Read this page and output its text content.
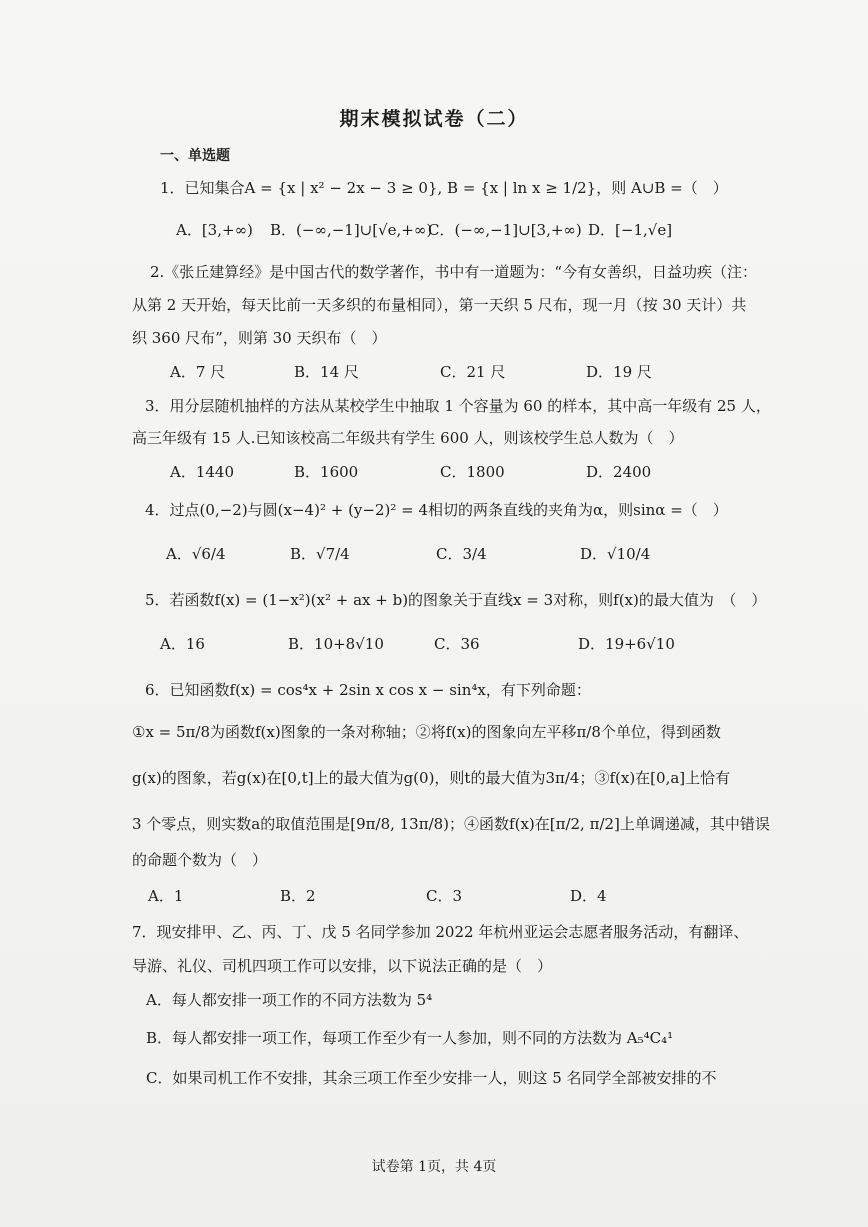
期末模拟试卷（二）
一、单选题
1．已知集合A = {x | x² − 2x − 3 ≥ 0}, B = {x | ln x ≥ 1/2}，则 A∪B =（　）
A．[3,+∞) B．(−∞,−1]∪[√e,+∞)
C．(−∞,−1]∪[3,+∞) D．[−1,√e]
2.《张丘建算经》是中国古代的数学著作，书中有一道题为：“今有女善织，日益功疾（注：
从第 2 天开始，每天比前一天多织的布量相同），第一天织 5 尺布，现一月（按 30 天计）共
织 360 尺布”，则第 30 天织布（　）
A．7 尺	B．14 尺	C．21 尺	D．19 尺
3．用分层随机抽样的方法从某校学生中抽取 1 个容量为 60 的样本，其中高一年级有 25 人，
高三年级有 15 人.已知该校高二年级共有学生 600 人，则该校学生总人数为（　）
A．1440	B．1600	C．1800	D．2400
4．过点(0,−2)与圆(x−4)² + (y−2)² = 4相切的两条直线的夹角为α，则sinα =（　）
A．√6/4	B．√7/4	C．3/4	D．√10/4
5．若函数f(x) = (1−x²)(x² + ax + b)的图象关于直线x = 3对称，则f(x)的最大值为　（　）
A．16	B．10+8√10	C．36	D．19+6√10
6．已知函数f(x) = cos⁴x + 2sin x cos x − sin⁴x，有下列命题：
①x = 5π/8为函数f(x)图象的一条对称轴；②将f(x)的图象向左平移π/8个单位，得到函数
g(x)的图象，若g(x)在[0,t]上的最大值为g(0)，则t的最大值为3π/4；③f(x)在[0,a]上恰有
3 个零点，则实数a的取值范围是[9π/8, 13π/8)；④函数f(x)在[π/2, π/2]上单调递减，其中错误
的命题个数为（　）
A．1	B．2	C．3	D．4
7．现安排甲、乙、丙、丁、戊 5 名同学参加 2022 年杭州亚运会志愿者服务活动，有翻译、
导游、礼仪、司机四项工作可以安排，以下说法正确的是（　）
A．每人都安排一项工作的不同方法数为 5⁴
B．每人都安排一项工作，每项工作至少有一人参加，则不同的方法数为 A₅⁴C₄¹
C．如果司机工作不安排，其余三项工作至少安排一人，则这 5 名同学全部被安排的不
试卷第 1页，共 4页
